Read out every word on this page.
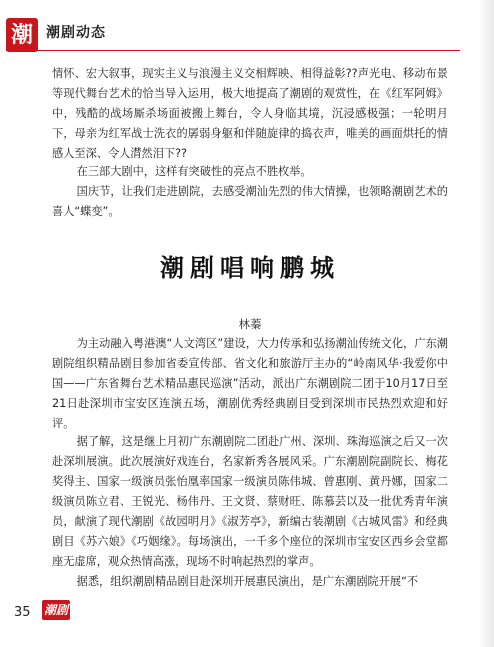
潮 潮剧动态

情怀、宏大叙事，现实主义与浪漫主义交相辉映、相得益彰??声光电、移动布景等现代舞台艺术的恰当导入运用，极大地提高了潮剧的观赏性，在《红军阿姆》中，残酷的战场厮杀场面被搬上舞台，令人身临其境，沉浸感极强；一轮明月下，母亲为红军战士洗衣的孱弱身躯和伴随旋律的捣衣声，唯美的画面烘托的情感人至深、令人潸然泪下??

在三部大剧中，这样有突破性的亮点不胜枚举。

国庆节，让我们走进剧院，去感受潮汕先烈的伟大情操，也领略潮剧艺术的喜人“蝶变”。

潮剧唱响鹏城
林蓁

为主动融入粤港澳“人文湾区”建设，大力传承和弘扬潮汕传统文化，广东潮剧院组织精品剧目参加省委宣传部、省文化和旅游厅主办的“岭南风华·我爱你中国——广东省舞台艺术精品惠民巡演”活动，派出广东潮剧院二团于10月17日至21日赴深圳市宝安区连演五场，潮剧优秀经典剧目受到深圳市民热烈欢迎和好评。

据了解，这是继上月初广东潮剧院二团赴广州、深圳、珠海巡演之后又一次赴深圳展演。此次展演好戏连台，名家新秀各展风采。广东潮剧院副院长、梅花奖得主、国家一级演员张怡凰率国家一级演员陈伟城、曾惠刚、黄丹娜，国家二级演员陈立君、王锐光、杨伟丹、王文贤、蔡财旺、陈慕芸以及一批优秀青年演员，献演了现代潮剧《故园明月》《淑芳亭》，新编古装潮剧《古城风雷》和经典剧目《苏六娘》《巧姻缘》。每场演出，一千多个座位的深圳市宝安区西乡会堂都座无虚席，观众热情高涨，现场不时响起热烈的掌声。

据悉，组织潮剧精品剧目赴深圳开展惠民演出，是广东潮剧院开展“不

35 潮剧
